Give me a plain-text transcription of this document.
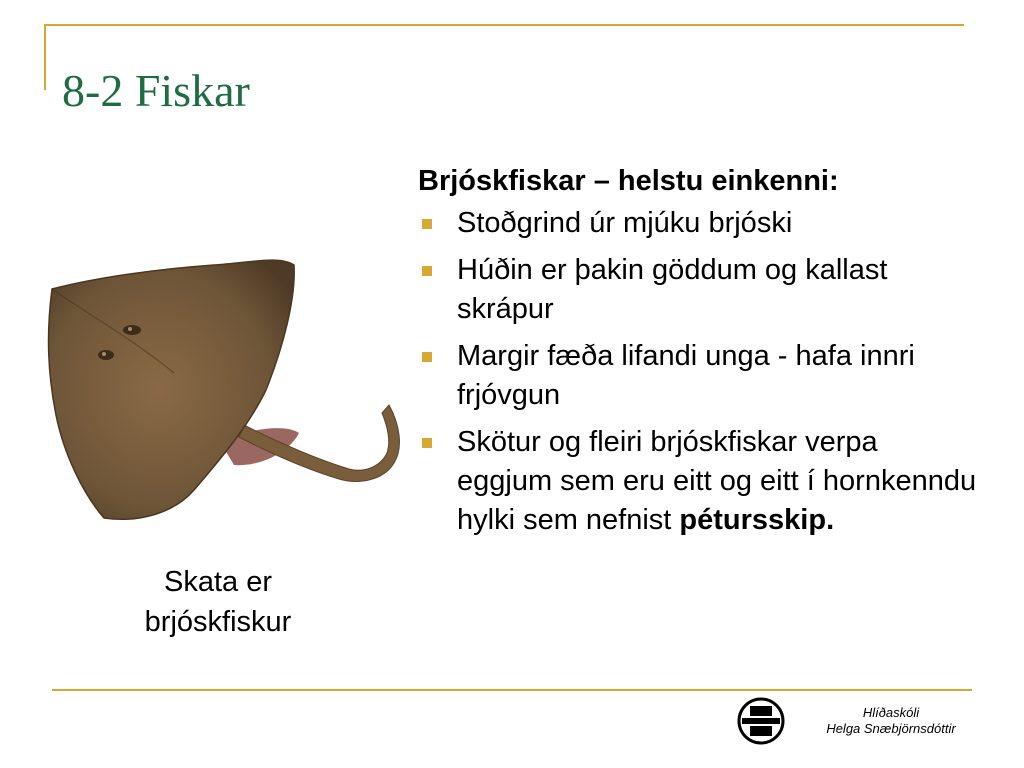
8-2 Fiskar
Brjóskfiskar – helstu einkenni:
Stoðgrind úr mjúku brjóski
Húðin er þakin göddum og kallast skrápur
Margir fæða lifandi unga - hafa innri frjóvgun
Skötur og fleiri brjóskfiskar verpa eggjum sem eru eitt og eitt í hornkenndu hylki sem nefnist pétursskip.
Skata er
brjóskfiskur
Hlíðaskóli
Helga Snæbjörnsdóttir
